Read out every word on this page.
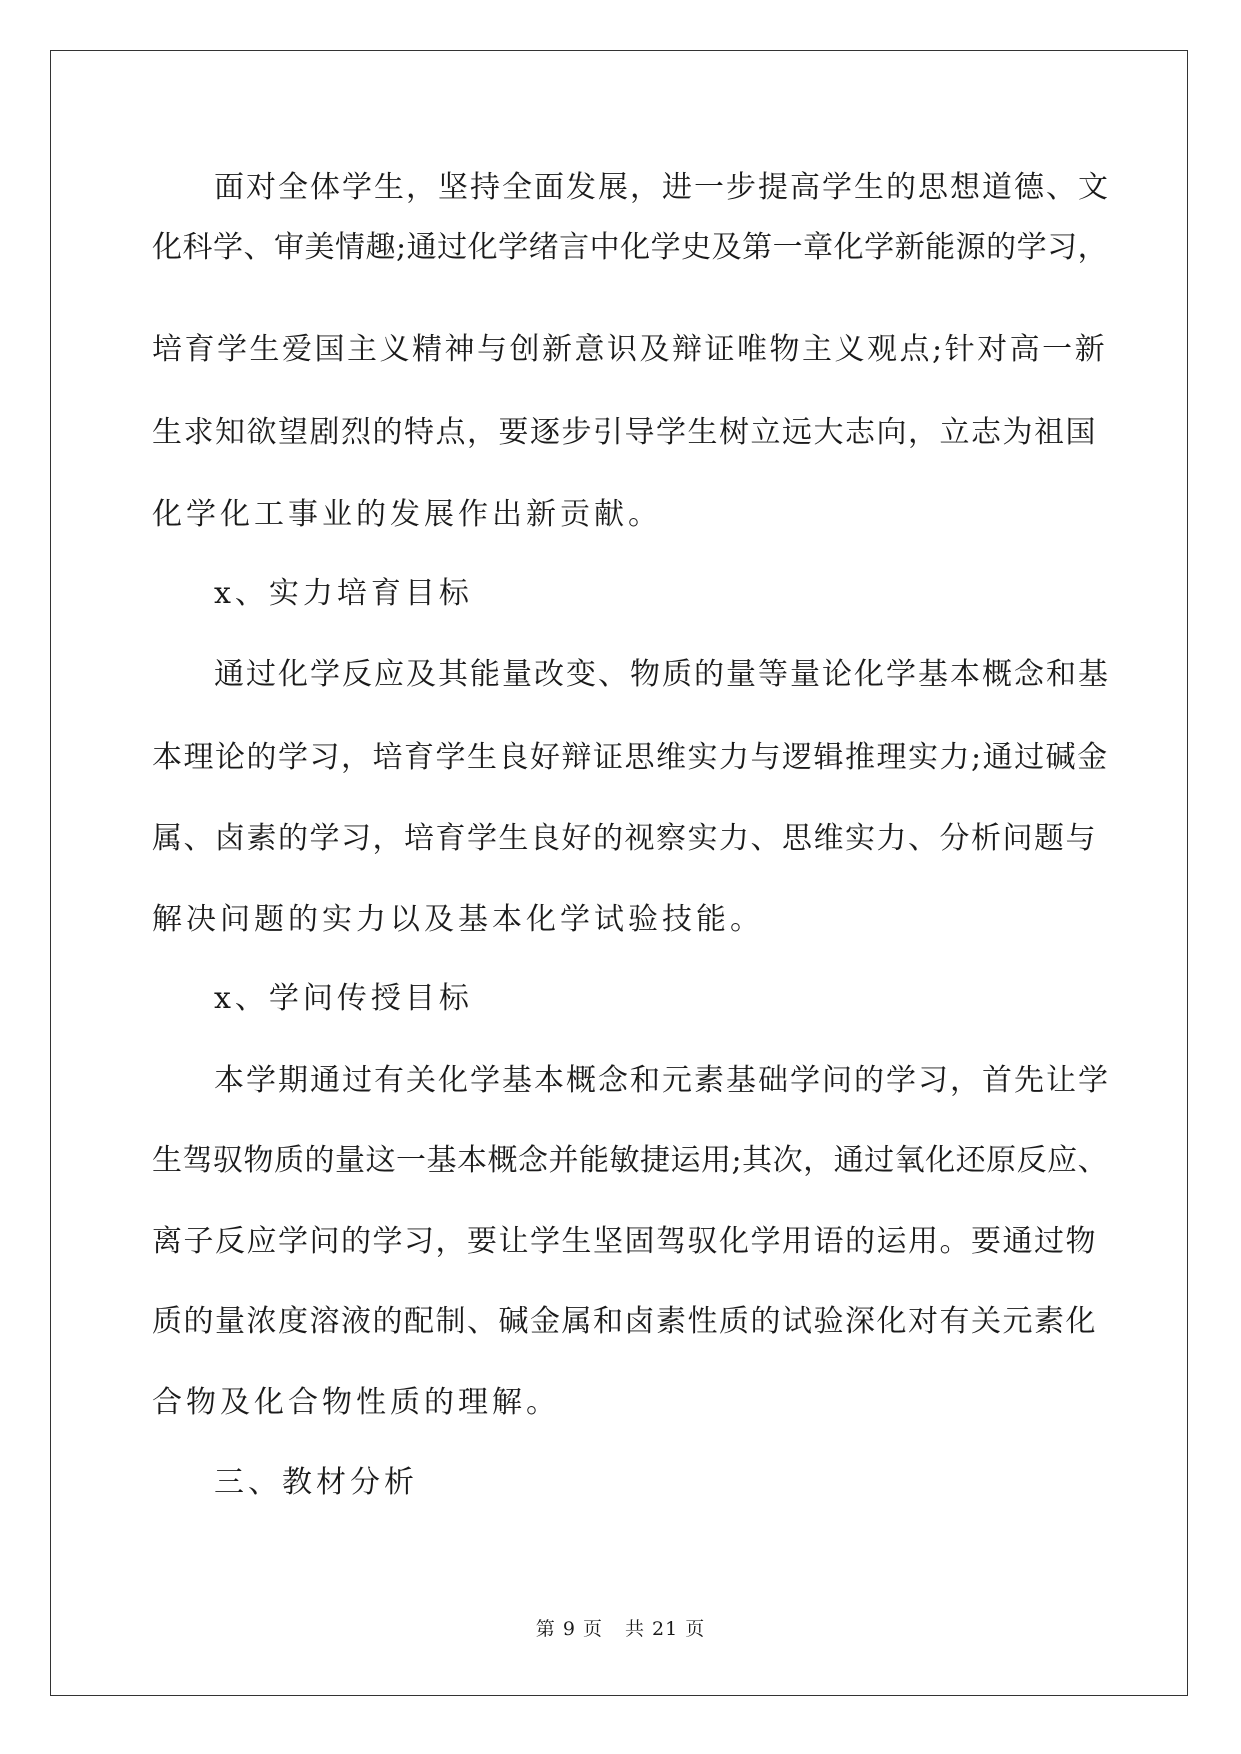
面对全体学生，坚持全面发展，进一步提高学生的思想道德、文
化科学、审美情趣;通过化学绪言中化学史及第一章化学新能源的学习，
培育学生爱国主义精神与创新意识及辩证唯物主义观点;针对高一新
生求知欲望剧烈的特点，要逐步引导学生树立远大志向，立志为祖国
化学化工事业的发展作出新贡献。
x、实力培育目标
通过化学反应及其能量改变、物质的量等量论化学基本概念和基
本理论的学习，培育学生良好辩证思维实力与逻辑推理实力;通过碱金
属、卤素的学习，培育学生良好的视察实力、思维实力、分析问题与
解决问题的实力以及基本化学试验技能。
x、学问传授目标
本学期通过有关化学基本概念和元素基础学问的学习，首先让学
生驾驭物质的量这一基本概念并能敏捷运用;其次，通过氧化还原反应、
离子反应学问的学习，要让学生坚固驾驭化学用语的运用。要通过物
质的量浓度溶液的配制、碱金属和卤素性质的试验深化对有关元素化
合物及化合物性质的理解。
三、教材分析
第 9 页 共 21 页
